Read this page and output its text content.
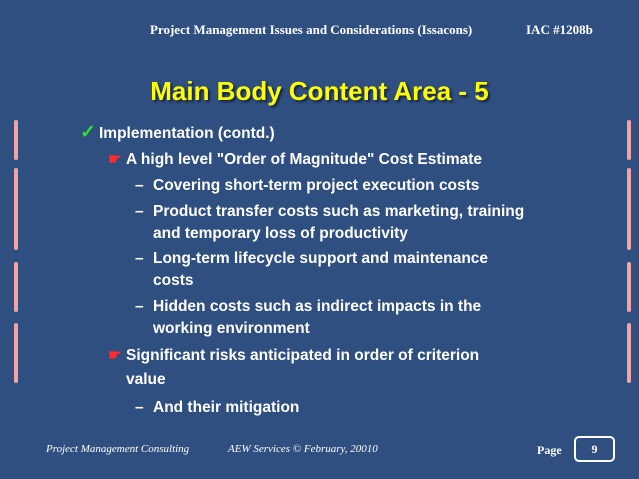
Project Management Issues and Considerations (Issacons)	IAC #1208b
Main Body Content Area - 5
✓ Implementation (contd.)
☛ A high level "Order of Magnitude" Cost Estimate
– Covering short-term project execution costs
– Product transfer costs such as marketing, training
and temporary loss of productivity
– Long-term lifecycle support and maintenance
costs
– Hidden costs such as indirect impacts in the
working environment
☛ Significant risks anticipated in order of criterion
value
– And their mitigation
Project Management Consulting	AEW Services © February, 20010	Page	9
